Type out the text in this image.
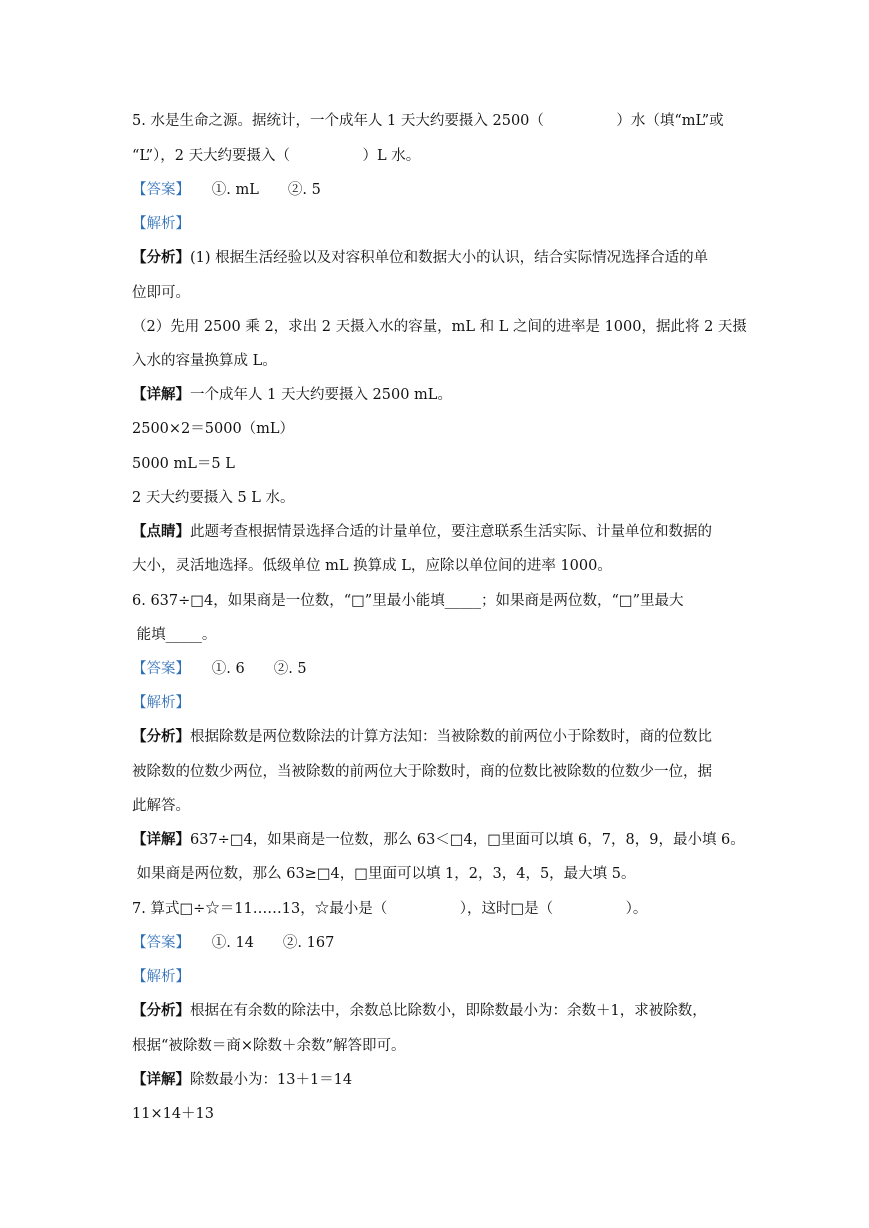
5. 水是生命之源。据统计，一个成年人 1 天大约要摄入 2500（　　　　　）水（填“mL”或
“L”），2 天大约要摄入（　　　　　）L 水。
【答案】　　①. mL　　②. 5
【解析】
【分析】(1) 根据生活经验以及对容积单位和数据大小的认识，结合实际情况选择合适的单
位即可。
（2）先用 2500 乘 2，求出 2 天摄入水的容量，mL 和 L 之间的进率是 1000，据此将 2 天摄
入水的容量换算成 L。
【详解】一个成年人 1 天大约要摄入 2500 mL。
2500×2＝5000（mL）
5000 mL＝5 L
2 天大约要摄入 5 L 水。
【点睛】此题考查根据情景选择合适的计量单位，要注意联系生活实际、计量单位和数据的
大小，灵活地选择。低级单位 mL 换算成 L，应除以单位间的进率 1000。
6. 637÷□4，如果商是一位数，“□”里最小能填_____；如果商是两位数，“□”里最大
能填_____。
【答案】　　①. 6　　②. 5
【解析】
【分析】根据除数是两位数除法的计算方法知：当被除数的前两位小于除数时，商的位数比
被除数的位数少两位，当被除数的前两位大于除数时，商的位数比被除数的位数少一位，据
此解答。
【详解】637÷□4，如果商是一位数，那么 63＜□4，□里面可以填 6，7，8，9，最小填 6。
如果商是两位数，那么 63≥□4，□里面可以填 1，2，3，4，5，最大填 5。
7. 算式□÷☆＝11……13，☆最小是（　　　　　），这时□是（　　　　　）。
【答案】　　①. 14　　②. 167
【解析】
【分析】根据在有余数的除法中，余数总比除数小，即除数最小为：余数＋1，求被除数，
根据“被除数＝商×除数＋余数”解答即可。
【详解】除数最小为：13＋1＝14
11×14＋13
